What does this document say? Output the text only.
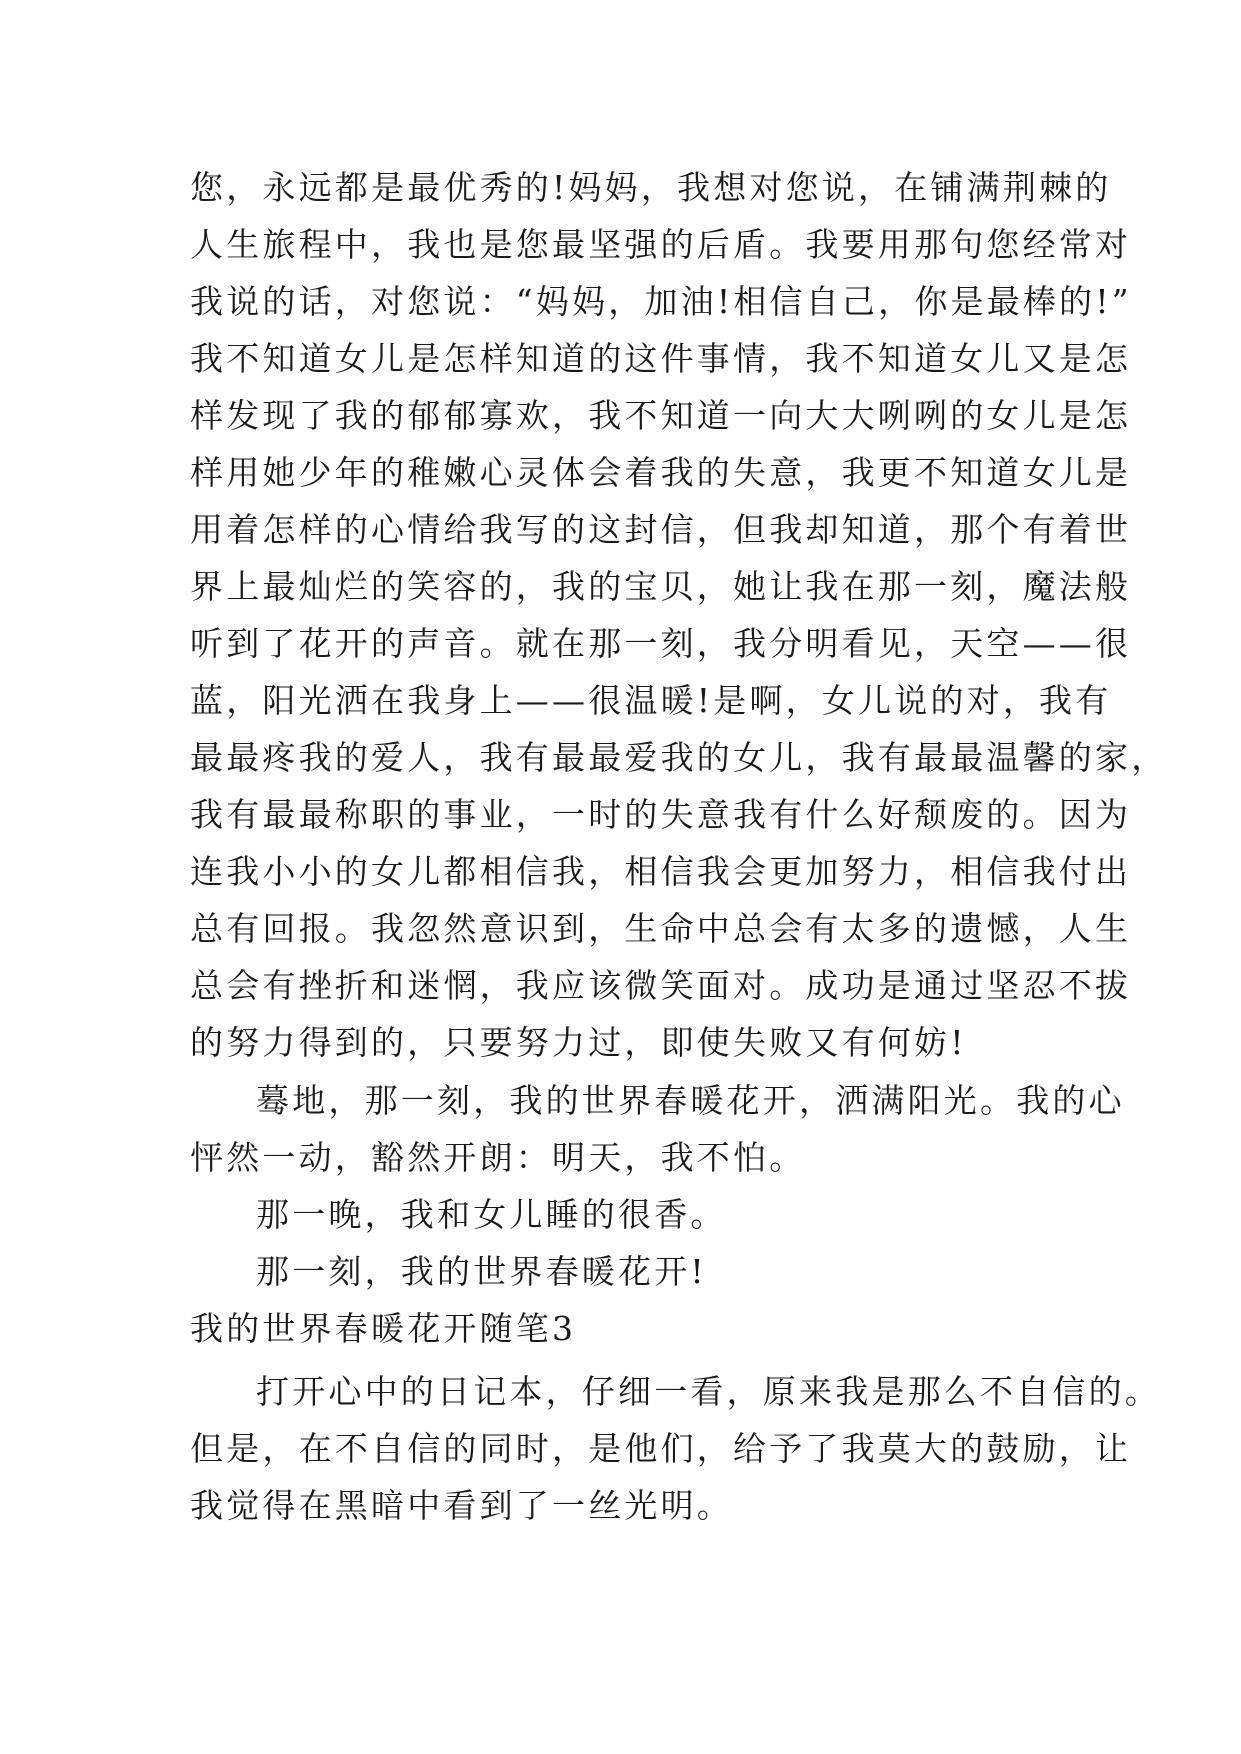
您，永远都是最优秀的!妈妈，我想对您说，在铺满荆棘的
人生旅程中，我也是您最坚强的后盾。我要用那句您经常对
我说的话，对您说：“妈妈，加油!相信自己，你是最棒的!”
我不知道女儿是怎样知道的这件事情，我不知道女儿又是怎
样发现了我的郁郁寡欢，我不知道一向大大咧咧的女儿是怎
样用她少年的稚嫩心灵体会着我的失意，我更不知道女儿是
用着怎样的心情给我写的这封信，但我却知道，那个有着世
界上最灿烂的笑容的，我的宝贝，她让我在那一刻，魔法般
听到了花开的声音。就在那一刻，我分明看见，天空——很
蓝，阳光洒在我身上——很温暖!是啊，女儿说的对，我有
最最疼我的爱人，我有最最爱我的女儿，我有最最温馨的家，
我有最最称职的事业，一时的失意我有什么好颓废的。因为
连我小小的女儿都相信我，相信我会更加努力，相信我付出
总有回报。我忽然意识到，生命中总会有太多的遗憾，人生
总会有挫折和迷惘，我应该微笑面对。成功是通过坚忍不拔
的努力得到的，只要努力过，即使失败又有何妨!
蓦地，那一刻，我的世界春暖花开，洒满阳光。我的心
怦然一动，豁然开朗：明天，我不怕。
那一晚，我和女儿睡的很香。
那一刻，我的世界春暖花开!
我的世界春暖花开随笔3
打开心中的日记本，仔细一看，原来我是那么不自信的。
但是，在不自信的同时，是他们，给予了我莫大的鼓励，让
我觉得在黑暗中看到了一丝光明。
